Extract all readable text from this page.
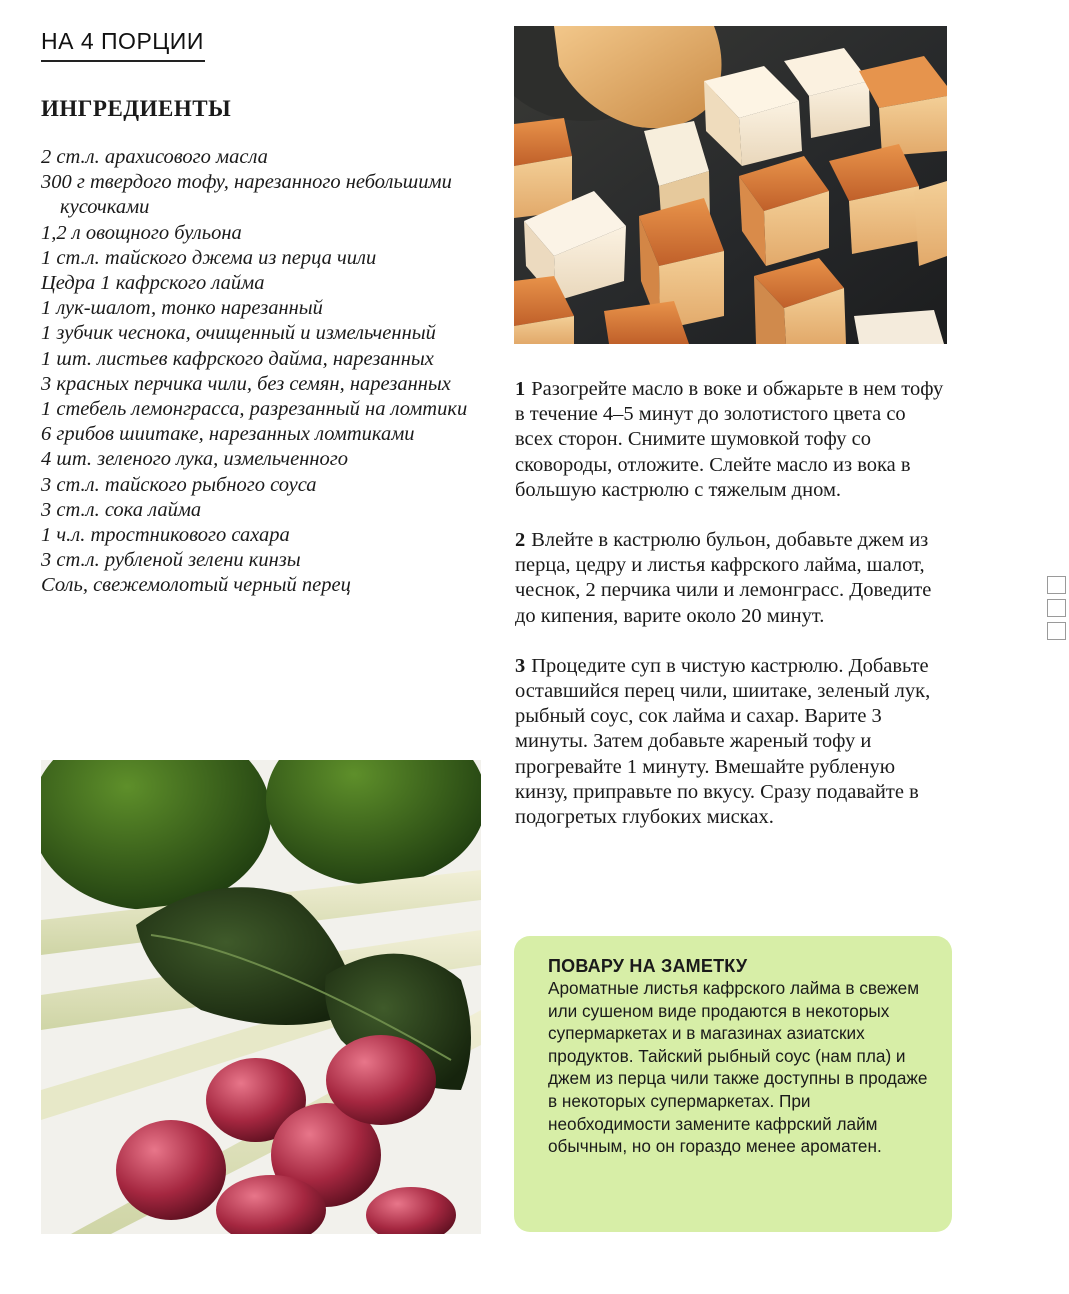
НА 4 ПОРЦИИ
ИНГРЕДИЕНТЫ
2 ст.л. арахисового масла
300 г твердого тофу, нарезанного небольшими кусочками
1,2 л овощного бульона
1 ст.л. тайского джема из перца чили
Цедра 1 кафрского лайма
1 лук-шалот, тонко нарезанный
1 зубчик чеснока, очищенный и измельченный
1 шт. листьев кафрского дайма, нарезанных
3 красных перчика чили, без семян, нарезанных
1 стебель лемонграсса, разрезанный на ломтики
6 грибов шиитаке, нарезанных ломтиками
4 шт. зеленого лука, измельченного
3 ст.л. тайского рыбного соуса
3 ст.л. сока лайма
1 ч.л. тростникового сахара
3 ст.л. рубленой зелени кинзы
Соль, свежемолотый черный перец

1 Разогрейте масло в воке и обжарьте в нем тофу в течение 4–5 минут до золотистого цвета со всех сторон. Снимите шумовкой тофу со сковороды, отложите. Слейте масло из вока в большую кастрюлю с тяжелым дном.

2 Влейте в кастрюлю бульон, добавьте джем из перца, цедру и листья кафрского лайма, шалот, чеснок, 2 перчика чили и лемонграсс. Доведите до кипения, варите около 20 минут.

3 Процедите суп в чистую кастрюлю. Добавьте оставшийся перец чили, шиитаке, зеленый лук, рыбный соус, сок лайма и сахар. Варите 3 минуты. Затем добавьте жареный тофу и прогревайте 1 минуту. Вмешайте рубленую кинзу, приправьте по вкусу. Сразу подавайте в подогретых глубоких мисках.

ПОВАРУ НА ЗАМЕТКУ

Ароматные листья кафрского лайма в свежем или сушеном виде продаются в некоторых супермаркетах и в магазинах азиатских продуктов. Тайский рыбный соус (нам пла) и джем из перца чили также доступны в продаже в некоторых супермаркетах. При необходимости замените кафрский лайм обычным, но он гораздо менее ароматен.
